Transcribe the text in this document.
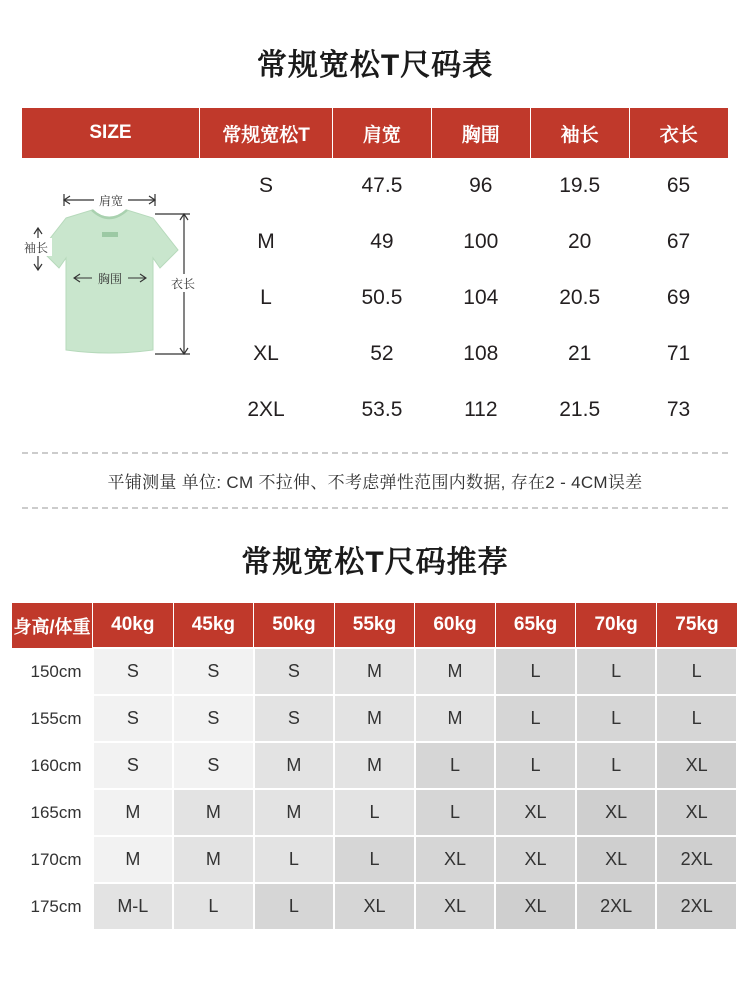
常规宽松T尺码表
SIZE	常规宽松T	肩宽	胸围	袖长	衣长
	S	47.5	96	19.5	65
	M	49	100	20	67
	L	50.5	104	20.5	69
	XL	52	108	21	71
	2XL	53.5	112	21.5	73
肩宽
袖长
胸围	衣长
平铺测量 单位: CM 不拉伸、不考虑弹性范围内数据, 存在2 - 4CM误差
常规宽松T尺码推荐
身高/体重	40kg	45kg	50kg	55kg	60kg	65kg	70kg	75kg
150cm	S	S	S	M	M	L	L	L
155cm	S	S	S	M	M	L	L	L
160cm	S	S	M	M	L	L	L	XL
165cm	M	M	M	L	L	XL	XL	XL
170cm	M	M	L	L	XL	XL	XL	2XL
175cm	M-L	L	L	XL	XL	XL	2XL	2XL
